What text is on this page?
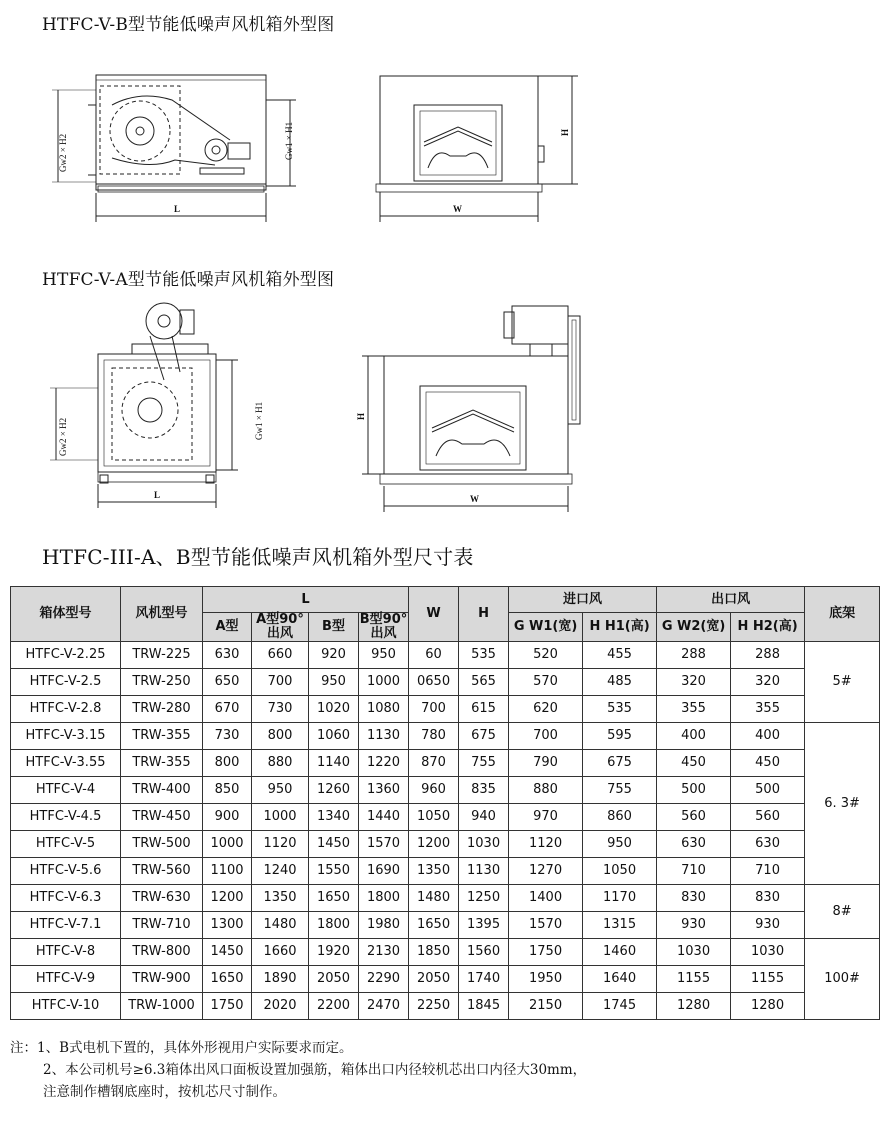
HTFC-V-B型节能低噪声风机箱外型图
HTFC-V-A型节能低噪声风机箱外型图
HTFC-III-A、B型节能低噪声风机箱外型尺寸表
L
Gw2 × H2	Gw1 × H1
W
H
L
Gw2 × H2	Gw1 × H1
W
H
箱体型号	风机型号	L				W	H	进口风		出口风		底架
		A型	A型90°出风	B型	B型90°出风			G W1(宽)	H H1(高)	G W2(宽)	H H2(高)	
HTFC-V-2.25	TRW-225	630	660	920	950	60	535	520	455	288	288	5#
HTFC-V-2.5	TRW-250	650	700	950	1000	0650	565	570	485	320	320	
HTFC-V-2.8	TRW-280	670	730	1020	1080	700	615	620	535	355	355	
HTFC-V-3.15	TRW-355	730	800	1060	1130	780	675	700	595	400	400	6. 3#
HTFC-V-3.55	TRW-355	800	880	1140	1220	870	755	790	675	450	450	
HTFC-V-4	TRW-400	850	950	1260	1360	960	835	880	755	500	500	
HTFC-V-4.5	TRW-450	900	1000	1340	1440	1050	940	970	860	560	560	
HTFC-V-5	TRW-500	1000	1120	1450	1570	1200	1030	1120	950	630	630	
HTFC-V-5.6	TRW-560	1100	1240	1550	1690	1350	1130	1270	1050	710	710	
HTFC-V-6.3	TRW-630	1200	1350	1650	1800	1480	1250	1400	1170	830	830	8#
HTFC-V-7.1	TRW-710	1300	1480	1800	1980	1650	1395	1570	1315	930	930	
HTFC-V-8	TRW-800	1450	1660	1920	2130	1850	1560	1750	1460	1030	1030	100#
HTFC-V-9	TRW-900	1650	1890	2050	2290	2050	1740	1950	1640	1155	1155	
HTFC-V-10	TRW-1000	1750	2020	2200	2470	2250	1845	2150	1745	1280	1280	
注：1、B式电机下置的，具体外形视用户实际要求而定。
2、本公司机号≥6.3箱体出风口面板设置加强筋，箱体出口内径较机芯出口内径大30mm，
注意制作槽钢底座时，按机芯尺寸制作。
